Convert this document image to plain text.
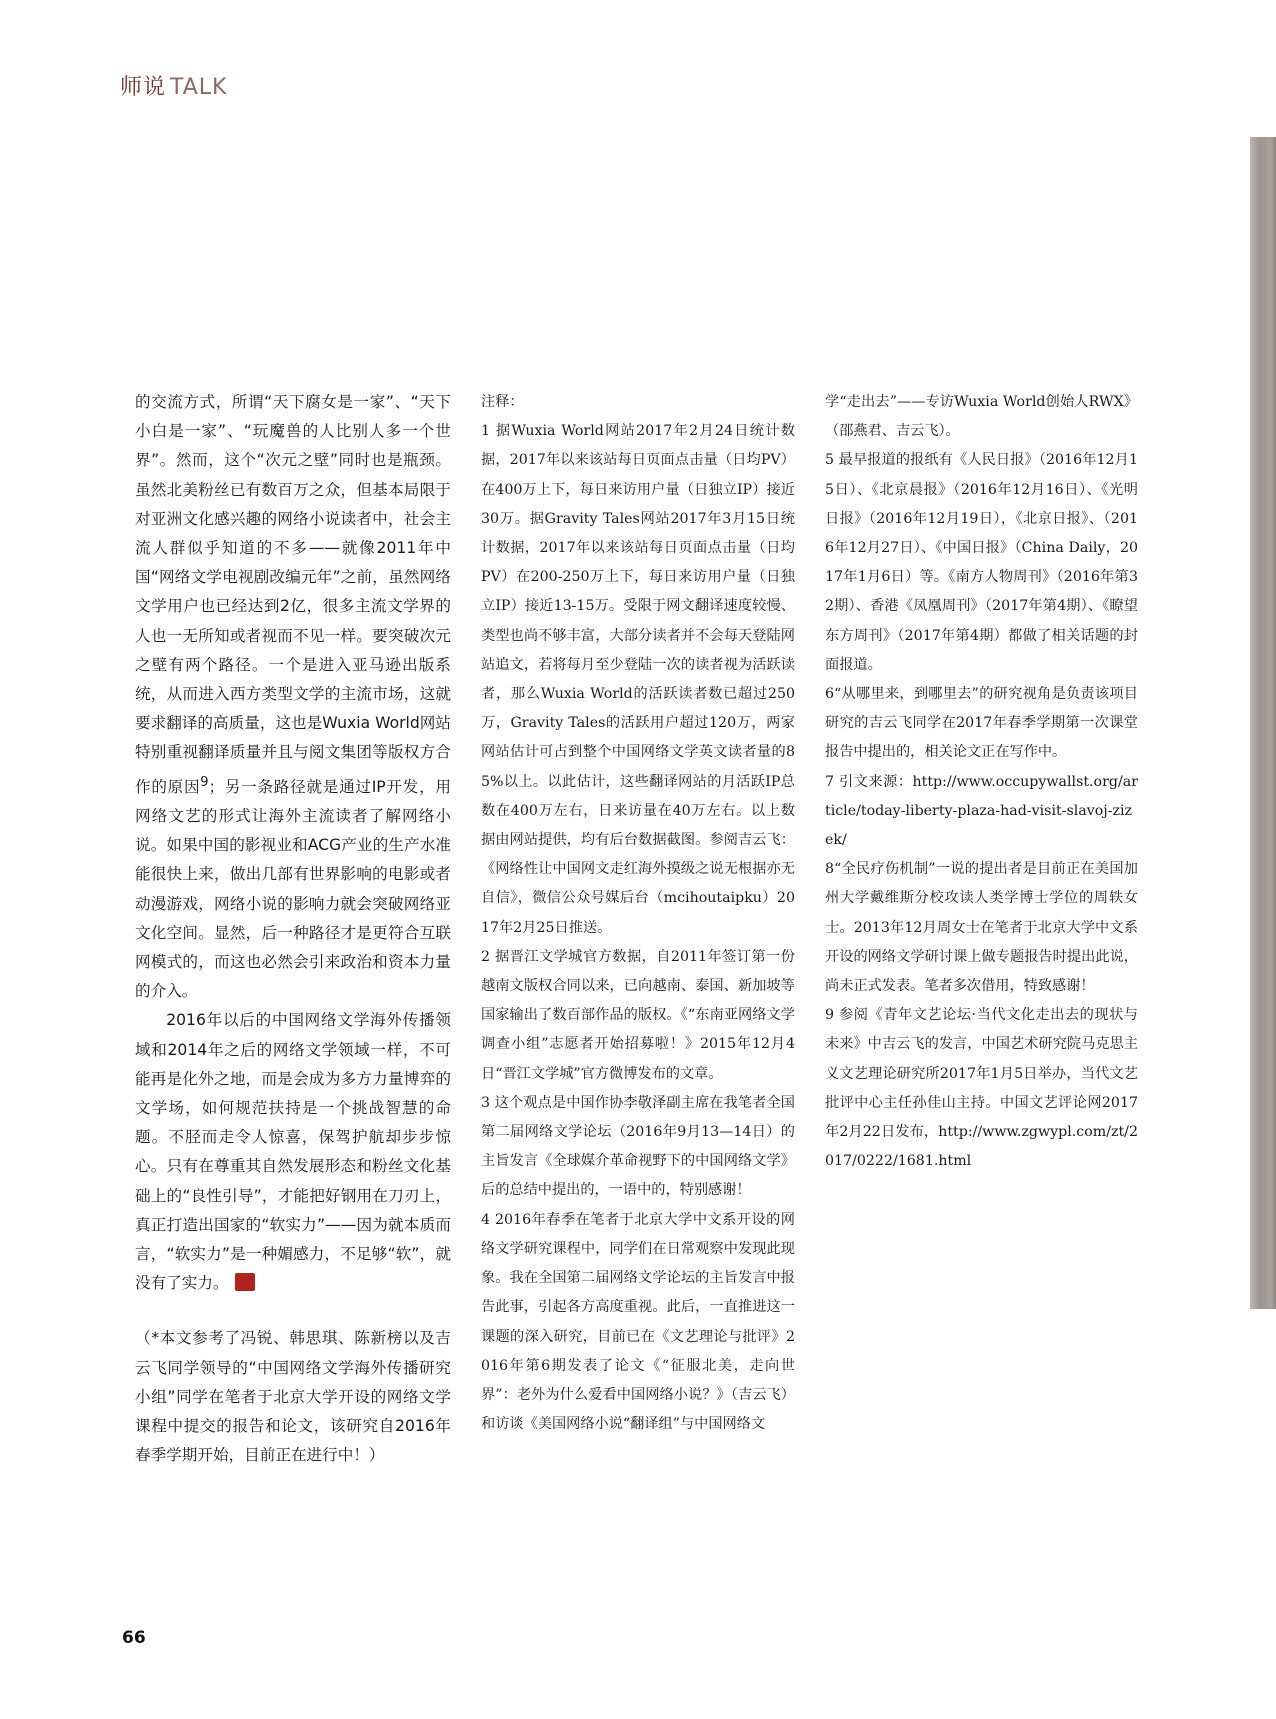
师说 TALK

的交流方式，所谓“天下腐女是一家”、“天下小白是一家”、“玩魔兽的人比别人多一个世界”。然而，这个“次元之壁”同时也是瓶颈。虽然北美粉丝已有数百万之众，但基本局限于对亚洲文化感兴趣的网络小说读者中，社会主流人群似乎知道的不多——就像2011年中国“网络文学电视剧改编元年”之前，虽然网络文学用户也已经达到2亿，很多主流文学界的人也一无所知或者视而不见一样。要突破次元之壁有两个路径。一个是进入亚马逊出版系统，从而进入西方类型文学的主流市场，这就要求翻译的高质量，这也是Wuxia World网站特别重视翻译质量并且与阅文集团等版权方合作的原因$^9$；另一条路径就是通过IP开发，用网络文艺的形式让海外主流读者了解网络小说。如果中国的影视业和ACG产业的生产水准能很快上来，做出几部有世界影响的电影或者动漫游戏，网络小说的影响力就会突破网络亚文化空间。显然，后一种路径才是更符合互联网模式的，而这也必然会引来政治和资本力量的介入。

2016年以后的中国网络文学海外传播领域和2014年之后的网络文学领域一样，不可能再是化外之地，而是会成为多方力量博弈的文学场，如何规范扶持是一个挑战智慧的命题。不胫而走令人惊喜，保驾护航却步步惊心。只有在尊重其自然发展形态和粉丝文化基础上的“良性引导”，才能把好钢用在刀刃上，真正打造出国家的“软实力”——因为就本质而言，“软实力”是一种媚感力，不足够“软”，就没有了实力。

（*本文参考了冯锐、韩思琪、陈新榜以及吉云飞同学领导的“中国网络文学海外传播研究小组”同学在笔者于北京大学开设的网络文学课程中提交的报告和论文，该研究自2016年春季学期开始，目前正在进行中！）

注释：

1 据Wuxia World网站2017年2月24日统计数据，2017年以来该站每日页面点击量（日均PV）在400万上下，每日来访用户量（日独立IP）接近30万。据Gravity Tales网站2017年3月15日统计数据，2017年以来该站每日页面点击量（日均PV）在200-250万上下，每日来访用户量（日独立IP）接近13-15万。受限于网文翻译速度较慢、类型也尚不够丰富，大部分读者并不会每天登陆网站追文，若将每月至少登陆一次的读者视为活跃读者，那么Wuxia World的活跃读者数已超过250万，Gravity Tales的活跃用户超过120万，两家网站估计可占到整个中国网络文学英文读者量的85%以上。以此估计，这些翻译网站的月活跃IP总数在400万左右，日来访量在40万左右。以上数据由网站提供，均有后台数据截图。参阅吉云飞：《网络性让中国网文走红海外摸级之说无根据亦无自信》，微信公众号媒后台（mcihoutaipku）2017年2月25日推送。

2 据晋江文学城官方数据，自2011年签订第一份越南文版权合同以来，已向越南、泰国、新加坡等国家输出了数百部作品的版权。《“东南亚网络文学调查小组”志愿者开始招募啦！》2015年12月4日“晋江文学城”官方微博发布的文章。

3 这个观点是中国作协李敬泽副主席在我笔者全国第二届网络文学论坛（2016年9月13—14日）的主旨发言《全球媒介革命视野下的中国网络文学》后的总结中提出的，一语中的，特别感谢！

4 2016年春季在笔者于北京大学中文系开设的网络文学研究课程中，同学们在日常观察中发现此现象。我在全国第二届网络文学论坛的主旨发言中报告此事，引起各方高度重视。此后，一直推进这一课题的深入研究，目前已在《文艺理论与批评》2016年第6期发表了论文《“征服北美，走向世界”：老外为什么爱看中国网络小说？》（吉云飞）和访谈《美国网络小说“翻译组”与中国网络文

学“走出去”——专访Wuxia World创始人RWX》（邵燕君、吉云飞）。

5 最早报道的报纸有《人民日报》（2016年12月15日）、《北京晨报》（2016年12月16日）、《光明日报》（2016年12月19日），《北京日报》、（2016年12月27日）、《中国日报》（China Daily，2017年1月6日）等。《南方人物周刊》（2016年第32期）、香港《凤凰周刊》（2017年第4期）、《瞭望东方周刊》（2017年第4期）都做了相关话题的封面报道。

6“从哪里来，到哪里去”的研究视角是负责该项目研究的吉云飞同学在2017年春季学期第一次课堂报告中提出的，相关论文正在写作中。

7 引文来源：http://www.occupywallst.org/article/today-liberty-plaza-had-visit-slavoj-zizek/

8“全民疗伤机制”一说的提出者是目前正在美国加州大学戴维斯分校攻读人类学博士学位的周轶女士。2013年12月周女士在笔者于北京大学中文系开设的网络文学研讨课上做专题报告时提出此说，尚未正式发表。笔者多次借用，特致感谢！

9 参阅《青年文艺论坛·当代文化走出去的现状与未来》中吉云飞的发言，中国艺术研究院马克思主义文艺理论研究所2017年1月5日举办，当代文艺批评中心主任孙佳山主持。中国文艺评论网2017年2月22日发布，http://www.zgwypl.com/zt/2017/0222/1681.html

66
